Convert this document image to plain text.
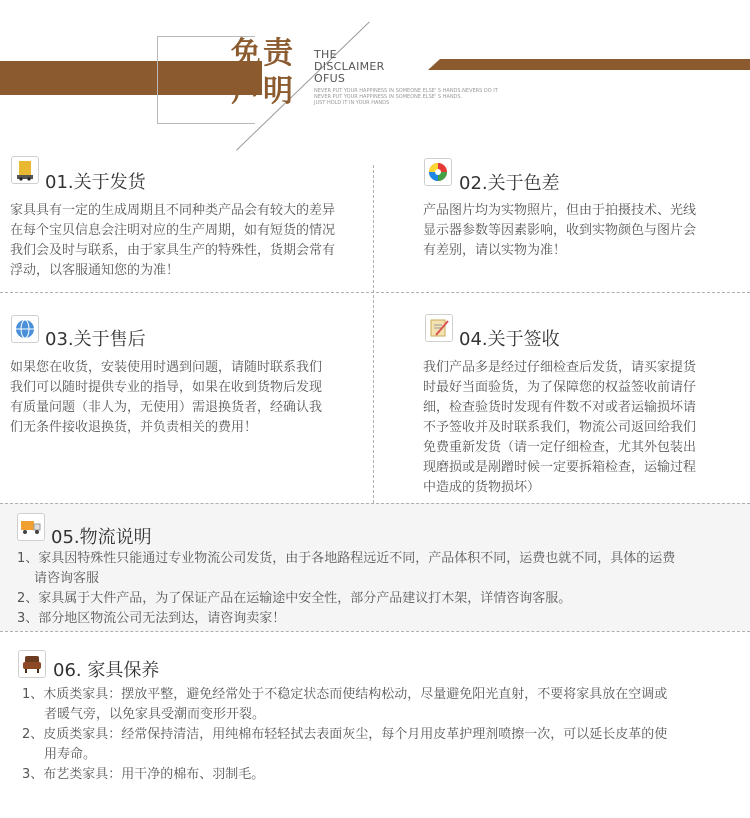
免责
声明
THE
DISCLAIMER
OFUS
NEVER PUT YOUR HAPPINESS IN SOMEONE ELSE' S HANDS.NEVERS DO IT
NEVER PUT YOUR HAPPINESS IN SOMEONE ELSE' S HANDS.
JUST HOLD IT IN YOUR HANDS
01.关于发货
家具具有一定的生成周期且不同种类产品会有较大的差异
在每个宝贝信息会注明对应的生产周期，如有短货的情况
我们会及时与联系，由于家具生产的特殊性，货期会常有
浮动，以客服通知您的为准！
02.关于色差
产品图片均为实物照片，但由于拍摄技术、光线
显示器参数等因素影响，收到实物颜色与图片会
有差别，请以实物为准！
03.关于售后
如果您在收货，安装使用时遇到问题，请随时联系我们
我们可以随时提供专业的指导，如果在收到货物后发现
有质量问题（非人为，无使用）需退换货者，经确认我
们无条件接收退换货，并负责相关的费用！
04.关于签收
我们产品多是经过仔细检查后发货，请买家提货
时最好当面验货，为了保障您的权益签收前请仔
细，检查验货时发现有件数不对或者运输损坏请
不予签收并及时联系我们，物流公司返回给我们
免费重新发货（请一定仔细检查，尤其外包装出
现磨损或是剐蹭时候一定要拆箱检查，运输过程
中造成的货物损坏）
05.物流说明
1、家具因特殊性只能通过专业物流公司发货，由于各地路程远近不同，产品体积不同，运费也就不同，具体的运费
请咨询客服
2、家具属于大件产品，为了保证产品在运输途中安全性，部分产品建议打木架，详情咨询客服。
3、部分地区物流公司无法到达，请咨询卖家！
06. 家具保养
1、木质类家具：摆放平整，避免经常处于不稳定状态而使结构松动，尽量避免阳光直射，不要将家具放在空调或
者暖气旁，以免家具受潮而变形开裂。
2、皮质类家具：经常保持清洁，用纯棉布轻轻拭去表面灰尘，每个月用皮革护理剂喷擦一次，可以延长皮革的使
用寿命。
3、布艺类家具：用干净的棉布、羽制毛。
